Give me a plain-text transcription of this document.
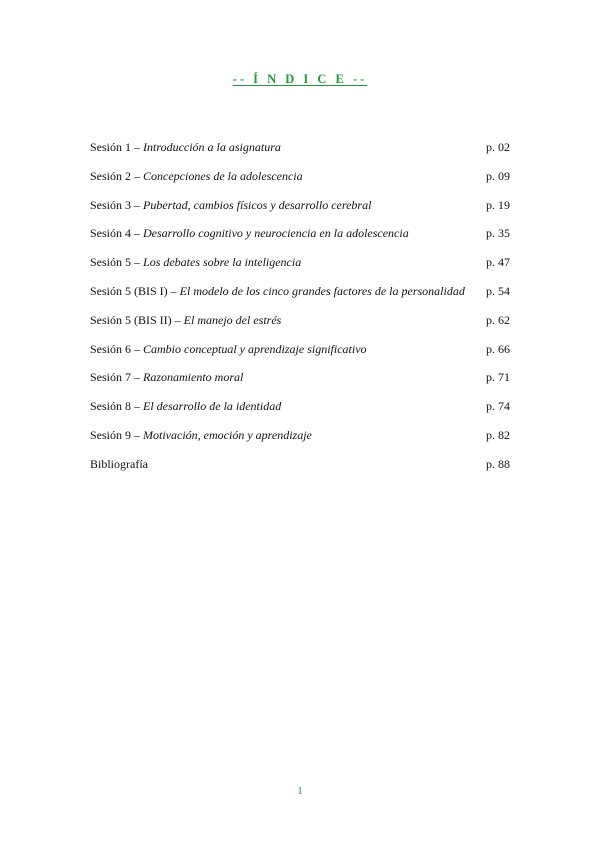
-- Í N D I C E --
Sesión 1 – Introducción a la asignatura	p. 02
Sesión 2 – Concepciones de la adolescencia	p. 09
Sesión 3 – Pubertad, cambios físicos y desarrollo cerebral	p. 19
Sesión 4 – Desarrollo cognitivo y neurociencia en la adolescencia	p. 35
Sesión 5 – Los debates sobre la inteligencia	p. 47
Sesión 5 (BIS I) – El modelo de los cinco grandes factores de la personalidad p. 54
Sesión 5 (BIS II) – El manejo del estrés	p. 62
Sesión 6 – Cambio conceptual y aprendizaje significativo	p. 66
Sesión 7 – Razonamiento moral	p. 71
Sesión 8 – El desarrollo de la identidad	p. 74
Sesión 9 – Motivación, emoción y aprendizaje	p. 82
Bibliografía	p. 88
1
